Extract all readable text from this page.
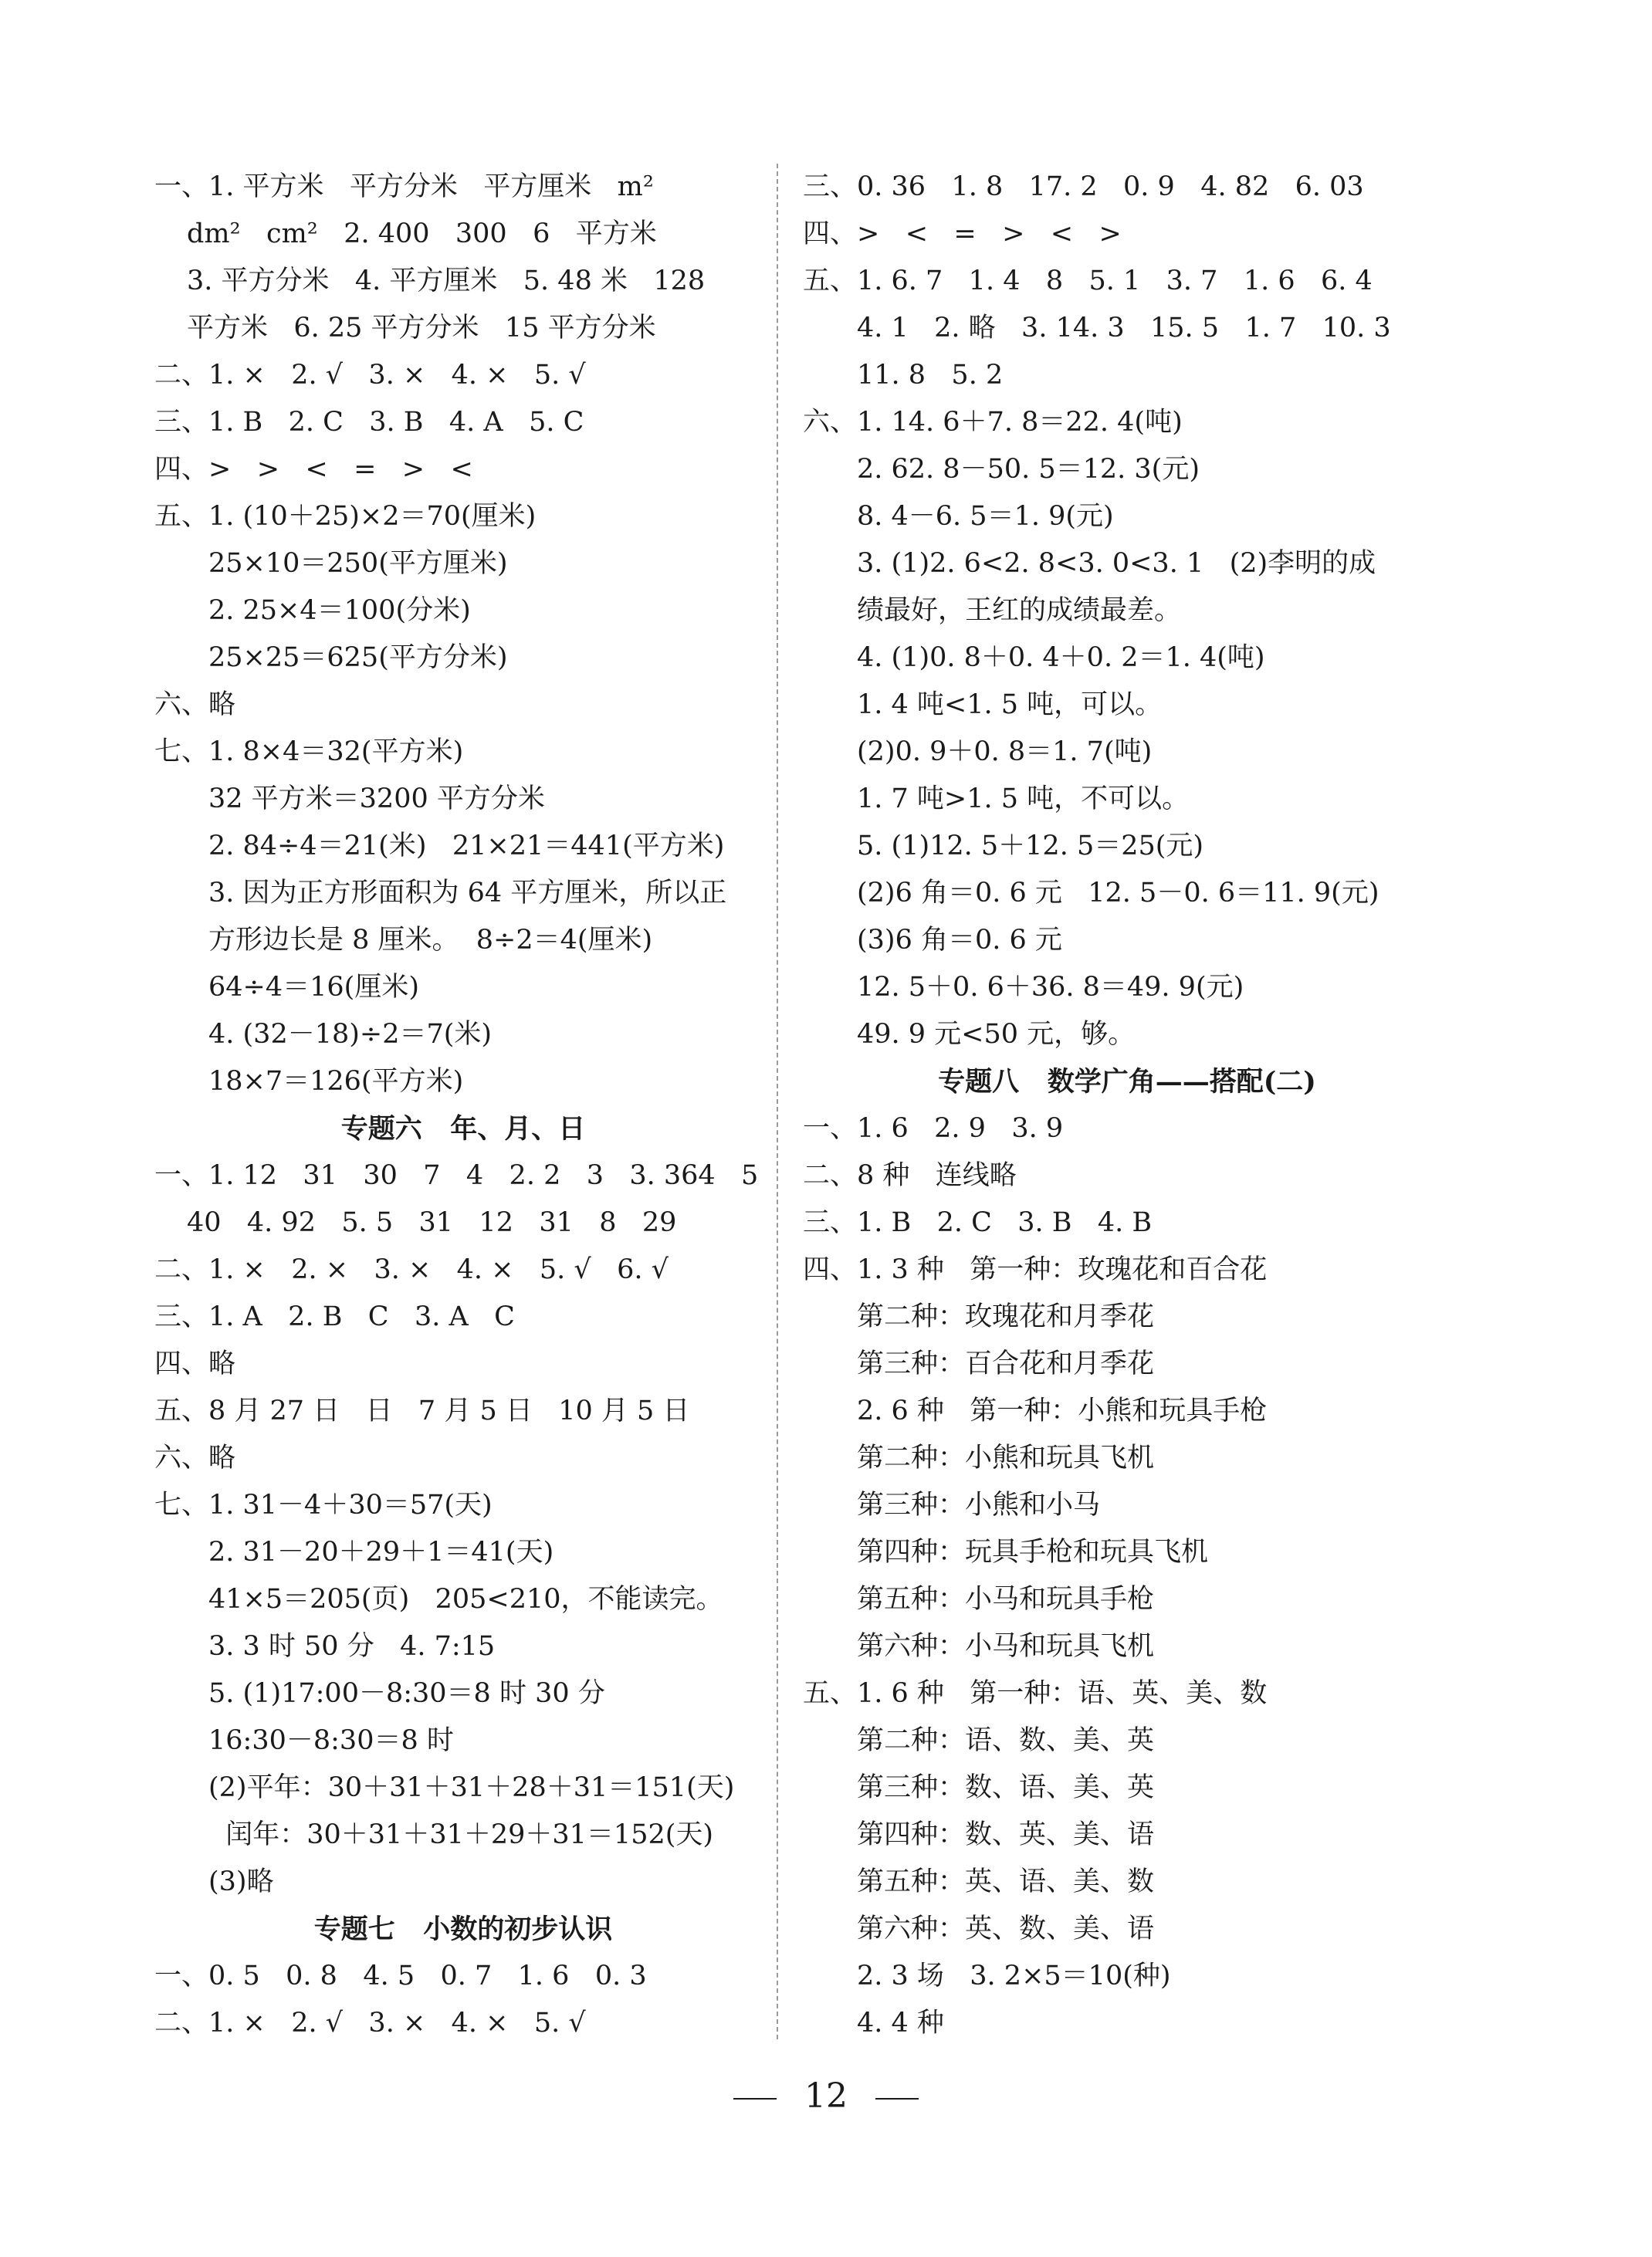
一、1. 平方米   平方分米   平方厘米   m²
dm²   cm²   2. 400   300   6   平方米
3. 平方分米   4. 平方厘米   5. 48 米   128
平方米   6. 25 平方分米   15 平方分米
二、1. ×   2. √   3. ×   4. ×   5. √
三、1. B   2. C   3. B   4. A   5. C
四、>   >   <   =   >   <
五、1. (10＋25)×2＝70(厘米)
25×10＝250(平方厘米)
2. 25×4＝100(分米)
25×25＝625(平方分米)
六、略
七、1. 8×4＝32(平方米)
32 平方米＝3200 平方分米
2. 84÷4＝21(米)   21×21＝441(平方米)
3. 因为正方形面积为 64 平方厘米，所以正
方形边长是 8 厘米。  8÷2＝4(厘米)
64÷4＝16(厘米)
4. (32－18)÷2＝7(米)
18×7＝126(平方米)
专题六   年、月、日
一、1. 12   31   30   7   4   2. 2   3   3. 364   5
40   4. 92   5. 5   31   12   31   8   29
二、1. ×   2. ×   3. ×   4. ×   5. √   6. √
三、1. A   2. B   C   3. A   C
四、略
五、8 月 27 日   日   7 月 5 日   10 月 5 日
六、略
七、1. 31－4＋30＝57(天)
2. 31－20＋29＋1＝41(天)
41×5＝205(页)   205<210，不能读完。
3. 3 时 50 分   4. 7:15
5. (1)17:00－8:30＝8 时 30 分
16:30－8:30＝8 时
(2)平年：30＋31＋31＋28＋31＝151(天)
闰年：30＋31＋31＋29＋31＝152(天)
(3)略
专题七   小数的初步认识
一、0. 5   0. 8   4. 5   0. 7   1. 6   0. 3
二、1. ×   2. √   3. ×   4. ×   5. √
三、0. 36   1. 8   17. 2   0. 9   4. 82   6. 03
四、>   <   =   >   <   >
五、1. 6. 7   1. 4   8   5. 1   3. 7   1. 6   6. 4
4. 1   2. 略   3. 14. 3   15. 5   1. 7   10. 3
11. 8   5. 2
六、1. 14. 6＋7. 8＝22. 4(吨)
2. 62. 8－50. 5＝12. 3(元)
8. 4－6. 5＝1. 9(元)
3. (1)2. 6<2. 8<3. 0<3. 1   (2)李明的成
绩最好，王红的成绩最差。
4. (1)0. 8＋0. 4＋0. 2＝1. 4(吨)
1. 4 吨<1. 5 吨，可以。
(2)0. 9＋0. 8＝1. 7(吨)
1. 7 吨>1. 5 吨，不可以。
5. (1)12. 5＋12. 5＝25(元)
(2)6 角＝0. 6 元   12. 5－0. 6＝11. 9(元)
(3)6 角＝0. 6 元
12. 5＋0. 6＋36. 8＝49. 9(元)
49. 9 元<50 元，够。
专题八   数学广角——搭配(二)
一、1. 6   2. 9   3. 9
二、8 种   连线略
三、1. B   2. C   3. B   4. B
四、1. 3 种   第一种：玫瑰花和百合花
第二种：玫瑰花和月季花
第三种：百合花和月季花
2. 6 种   第一种：小熊和玩具手枪
第二种：小熊和玩具飞机
第三种：小熊和小马
第四种：玩具手枪和玩具飞机
第五种：小马和玩具手枪
第六种：小马和玩具飞机
五、1. 6 种   第一种：语、英、美、数
第二种：语、数、美、英
第三种：数、语、美、英
第四种：数、英、美、语
第五种：英、语、美、数
第六种：英、数、美、语
2. 3 场   3. 2×5＝10(种)
4. 4 种
12
